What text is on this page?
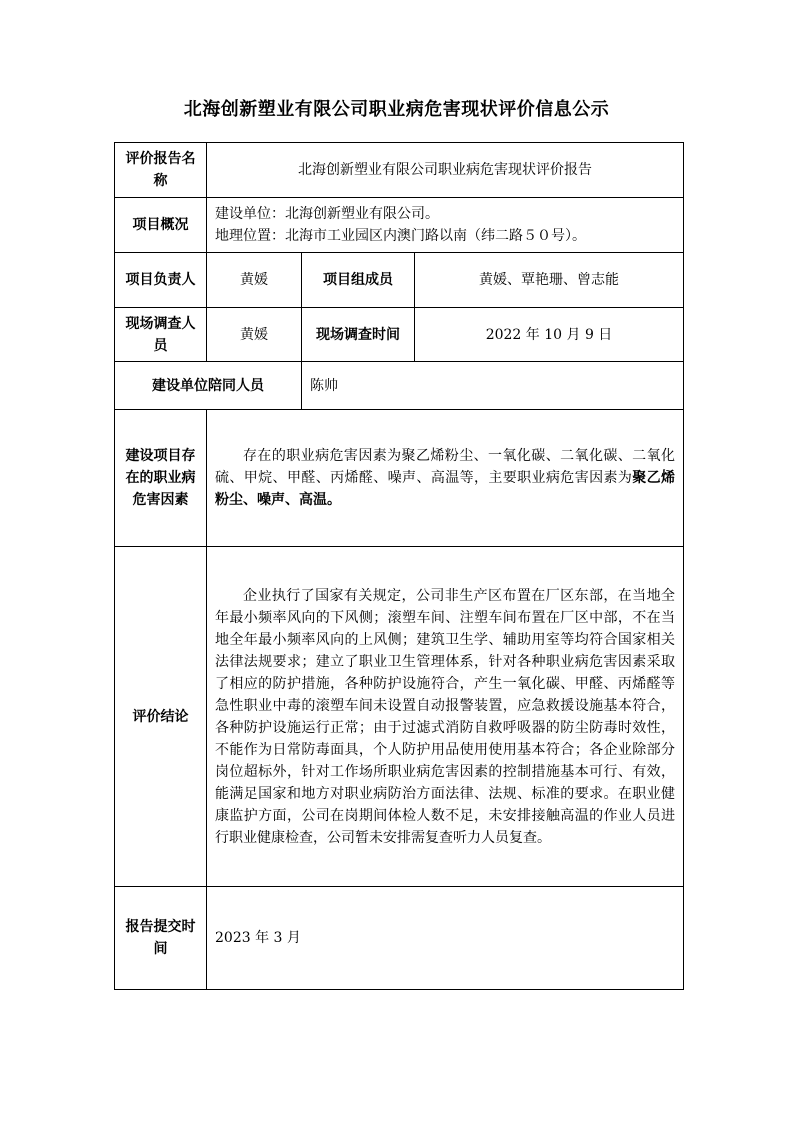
北海创新塑业有限公司职业病危害现状评价信息公示
评价报告名称	北海创新塑业有限公司职业病危害现状评价报告		
项目概况	建设单位：北海创新塑业有限公司。
地理位置：北海市工业园区内澳门路以南（纬二路５０号）。		

项目负责人	黄媛	项目组成员	黄媛、覃艳珊、曾志能
现场调查人员	黄媛	现场调查时间	2022 年 10 月 9 日
建设单位陪同人员		陈帅	
建设项目存在的职业病危害因素	存在的职业病危害因素为聚乙烯粉尘、一氧化碳、二氧化碳、二氧化硫、甲烷、甲醛、丙烯醛、噪声、高温等，主要职业病危害因素为聚乙烯粉尘、噪声、高温。		
评价结论	企业执行了国家有关规定，公司非生产区布置在厂区东部，在当地全年最小频率风向的下风侧；滚塑车间、注塑车间布置在厂区中部，不在当地全年最小频率风向的上风侧；建筑卫生学、辅助用室等均符合国家相关法律法规要求；建立了职业卫生管理体系，针对各种职业病危害因素采取了相应的防护措施，各种防护设施符合，产生一氧化碳、甲醛、丙烯醛等急性职业中毒的滚塑车间未设置自动报警装置，应急救援设施基本符合，各种防护设施运行正常；由于过滤式消防自救呼吸器的防尘防毒时效性，不能作为日常防毒面具，个人防护用品使用使用基本符合；各企业除部分岗位超标外，针对工作场所职业病危害因素的控制措施基本可行、有效，能满足国家和地方对职业病防治方面法律、法规、标准的要求。在职业健康监护方面，公司在岗期间体检人数不足，未安排接触高温的作业人员进行职业健康检查，公司暂未安排需复查听力人员复查。		
报告提交时间	2023 年 3 月		
